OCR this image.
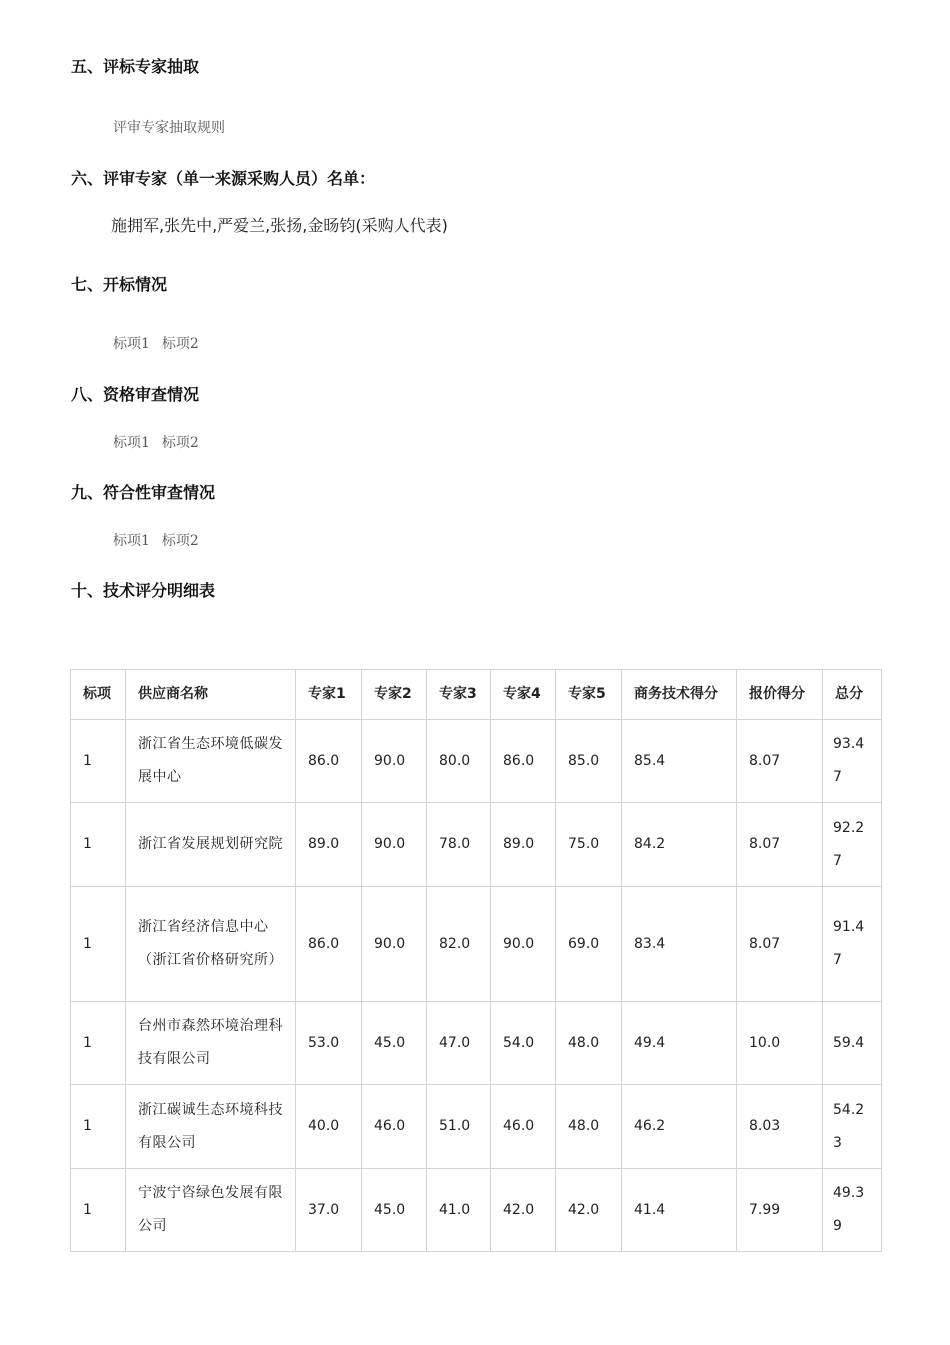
五、评标专家抽取
评审专家抽取规则
六、评审专家（单一来源采购人员）名单：
施拥军,张先中,严爱兰,张扬,金旸钧(采购人代表)
七、开标情况
标项1 标项2
八、资格审查情况
标项1 标项2
九、符合性审查情况
标项1 标项2
十、技术评分明细表
标项	供应商名称	专家1	专家2	专家3	专家4	专家5	商务技术得分	报价得分	总分
1	浙江省生态环境低碳发展中心	86.0	90.0	80.0	86.0	85.0	85.4	8.07	93.47
1	浙江省发展规划研究院	89.0	90.0	78.0	89.0	75.0	84.2	8.07	92.27
1	浙江省经济信息中心（浙江省价格研究所）	86.0	90.0	82.0	90.0	69.0	83.4	8.07	91.47
1	台州市森然环境治理科技有限公司	53.0	45.0	47.0	54.0	48.0	49.4	10.0	59.4
1	浙江碳诚生态环境科技有限公司	40.0	46.0	51.0	46.0	48.0	46.2	8.03	54.23
1	宁波宁咨绿色发展有限公司	37.0	45.0	41.0	42.0	42.0	41.4	7.99	49.39
